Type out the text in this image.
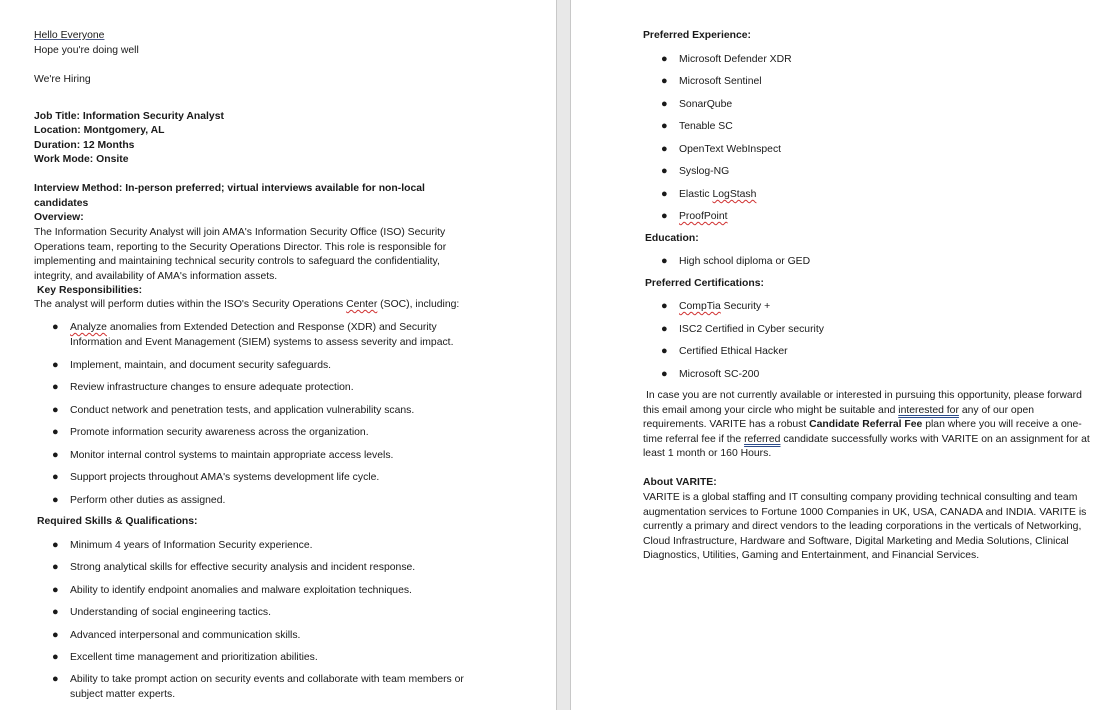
Hello Everyone
Hope you're doing well
We're Hiring
Job Title: Information Security Analyst
Location: Montgomery, AL
Duration: 12 Months
Work Mode: Onsite
Interview Method: In-person preferred; virtual interviews available for non-local
candidates
Overview:
The Information Security Analyst will join AMA's Information Security Office (ISO) Security Operations team, reporting to the Security Operations Director. This role is responsible for implementing and maintaining technical security controls to safeguard the confidentiality, integrity, and availability of AMA's information assets.
Key Responsibilities:
The analyst will perform duties within the ISO's Security Operations Center (SOC), including:
● Analyze anomalies from Extended Detection and Response (XDR) and Security Information and Event Management (SIEM) systems to assess severity and impact.
● Implement, maintain, and document security safeguards.
● Review infrastructure changes to ensure adequate protection.
● Conduct network and penetration tests, and application vulnerability scans.
● Promote information security awareness across the organization.
● Monitor internal control systems to maintain appropriate access levels.
● Support projects throughout AMA's systems development life cycle.
● Perform other duties as assigned.
Required Skills & Qualifications:
● Minimum 4 years of Information Security experience.
● Strong analytical skills for effective security analysis and incident response.
● Ability to identify endpoint anomalies and malware exploitation techniques.
● Understanding of social engineering tactics.
● Advanced interpersonal and communication skills.
● Excellent time management and prioritization abilities.
● Ability to take prompt action on security events and collaborate with team members or subject matter experts.
Preferred Experience:
● Microsoft Defender XDR
● Microsoft Sentinel
● SonarQube
● Tenable SC
● OpenText WebInspect
● Syslog-NG
● Elastic LogStash
● ProofPoint
Education:
● High school diploma or GED
Preferred Certifications:
● CompTia Security +
● ISC2 Certified in Cyber security
● Certified Ethical Hacker
● Microsoft SC-200
In case you are not currently available or interested in pursuing this opportunity, please forward this email among your circle who might be suitable and interested for any of our open requirements. VARITE has a robust Candidate Referral Fee plan where you will receive a one-time referral fee if the referred candidate successfully works with VARITE on an assignment for at least 1 month or 160 Hours.
About VARITE:
VARITE is a global staffing and IT consulting company providing technical consulting and team augmentation services to Fortune 1000 Companies in UK, USA, CANADA and INDIA. VARITE is currently a primary and direct vendors to the leading corporations in the verticals of Networking, Cloud Infrastructure, Hardware and Software, Digital Marketing and Media Solutions, Clinical Diagnostics, Utilities, Gaming and Entertainment, and Financial Services.
